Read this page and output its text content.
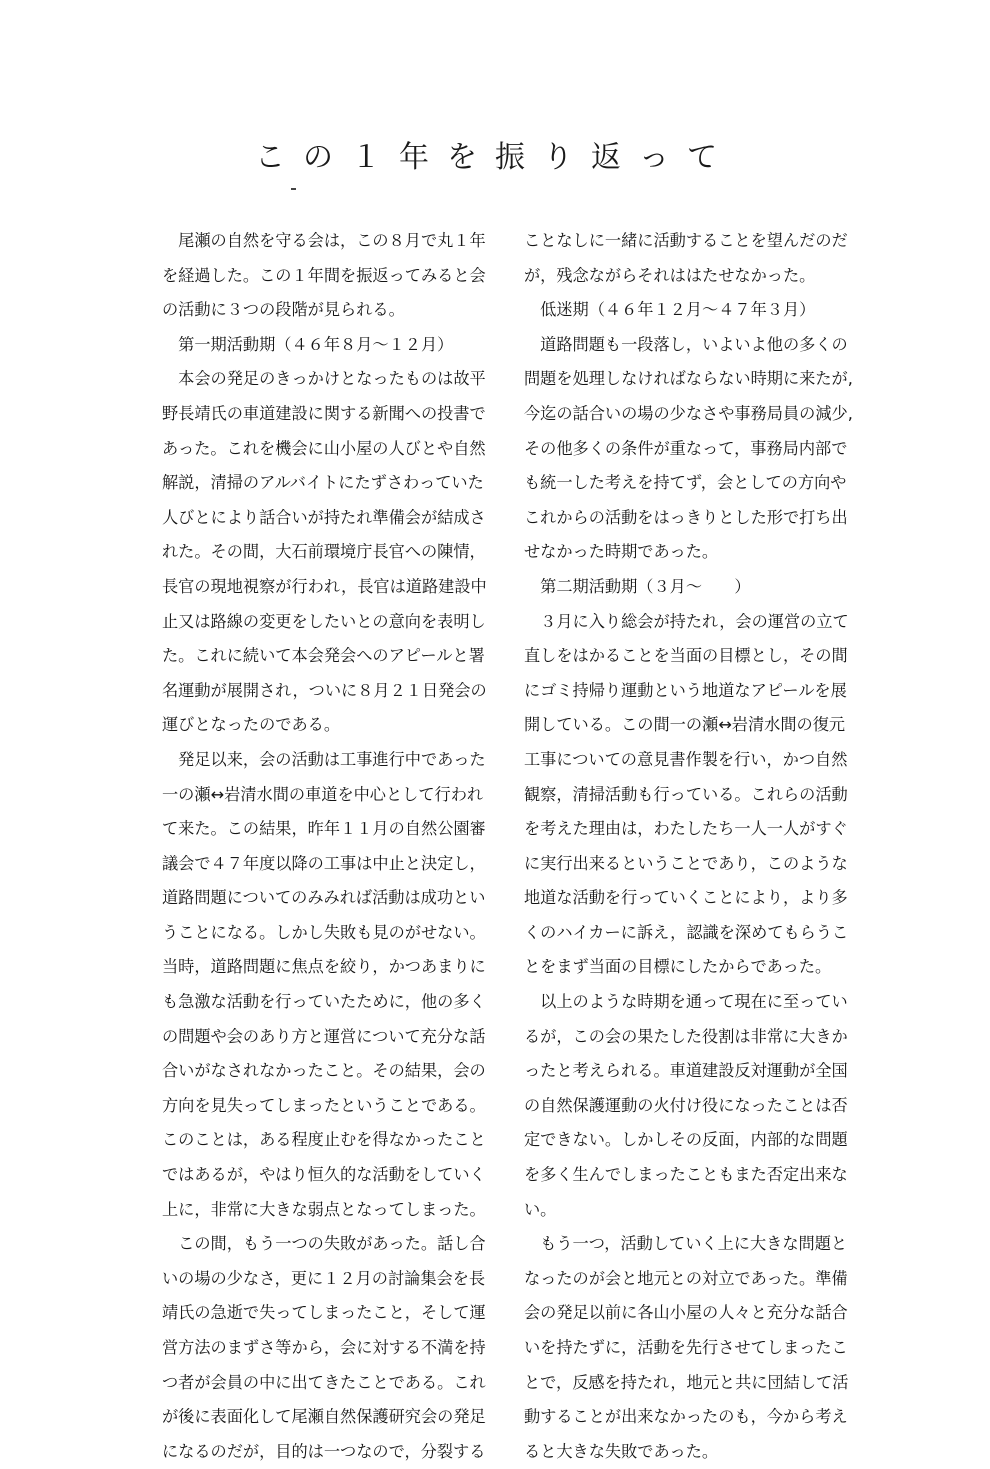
この１年を振り返って
　尾瀬の自然を守る会は，この８月で丸１年
を経過した。この１年間を振返ってみると会
の活動に３つの段階が見られる。
　第一期活動期（４６年８月〜１２月）
　本会の発足のきっかけとなったものは故平
野長靖氏の車道建設に関する新聞への投書で
あった。これを機会に山小屋の人びとや自然
解説，清掃のアルバイトにたずさわっていた
人びとにより話合いが持たれ準備会が結成さ
れた。その間，大石前環境庁長官への陳情，
長官の現地視察が行われ，長官は道路建設中
止又は路線の変更をしたいとの意向を表明し
た。これに続いて本会発会へのアピールと署
名運動が展開され，ついに８月２１日発会の
運びとなったのである。
　発足以来，会の活動は工事進行中であった
一の瀬↔岩清水間の車道を中心として行われ
て来た。この結果，昨年１１月の自然公園審
議会で４７年度以降の工事は中止と決定し，
道路問題についてのみみれば活動は成功とい
うことになる。しかし失敗も見のがせない。
当時，道路問題に焦点を絞り，かつあまりに
も急激な活動を行っていたために，他の多く
の問題や会のあり方と運営について充分な話
合いがなされなかったこと。その結果，会の
方向を見失ってしまったということである。
このことは，ある程度止むを得なかったこと
ではあるが，やはり恒久的な活動をしていく
上に，非常に大きな弱点となってしまった。
　この間，もう一つの失敗があった。話し合
いの場の少なさ，更に１２月の討論集会を長
靖氏の急逝で失ってしまったこと，そして運
営方法のまずさ等から，会に対する不満を持
つ者が会員の中に出てきたことである。これ
が後に表面化して尾瀬自然保護研究会の発足
になるのだが，目的は一つなので，分裂する
ことなしに一緒に活動することを望んだのだ
が，残念ながらそれははたせなかった。
　低迷期（４６年１２月〜４７年３月）
　道路問題も一段落し，いよいよ他の多くの
問題を処理しなければならない時期に来たが,
今迄の話合いの場の少なさや事務局員の減少,
その他多くの条件が重なって，事務局内部で
も統一した考えを持てず，会としての方向や
これからの活動をはっきりとした形で打ち出
せなかった時期であった。
　第二期活動期（３月〜　　）
　３月に入り総会が持たれ，会の運営の立て
直しをはかることを当面の目標とし，その間
にゴミ持帰り運動という地道なアピールを展
開している。この間一の瀬↔岩清水間の復元
工事についての意見書作製を行い，かつ自然
観察，清掃活動も行っている。これらの活動
を考えた理由は，わたしたち一人一人がすぐ
に実行出来るということであり，このような
地道な活動を行っていくことにより，より多
くのハイカーに訴え，認識を深めてもらうこ
とをまず当面の目標にしたからであった。
　以上のような時期を通って現在に至ってい
るが，この会の果たした役割は非常に大きか
ったと考えられる。車道建設反対運動が全国
の自然保護運動の火付け役になったことは否
定できない。しかしその反面，内部的な問題
を多く生んでしまったこともまた否定出来な
い。
　もう一つ，活動していく上に大きな問題と
なったのが会と地元との対立であった。準備
会の発足以前に各山小屋の人々と充分な話合
いを持たずに，活動を先行させてしまったこ
とで，反感を持たれ，地元と共に団結して活
動することが出来なかったのも，今から考え
ると大きな失敗であった。
